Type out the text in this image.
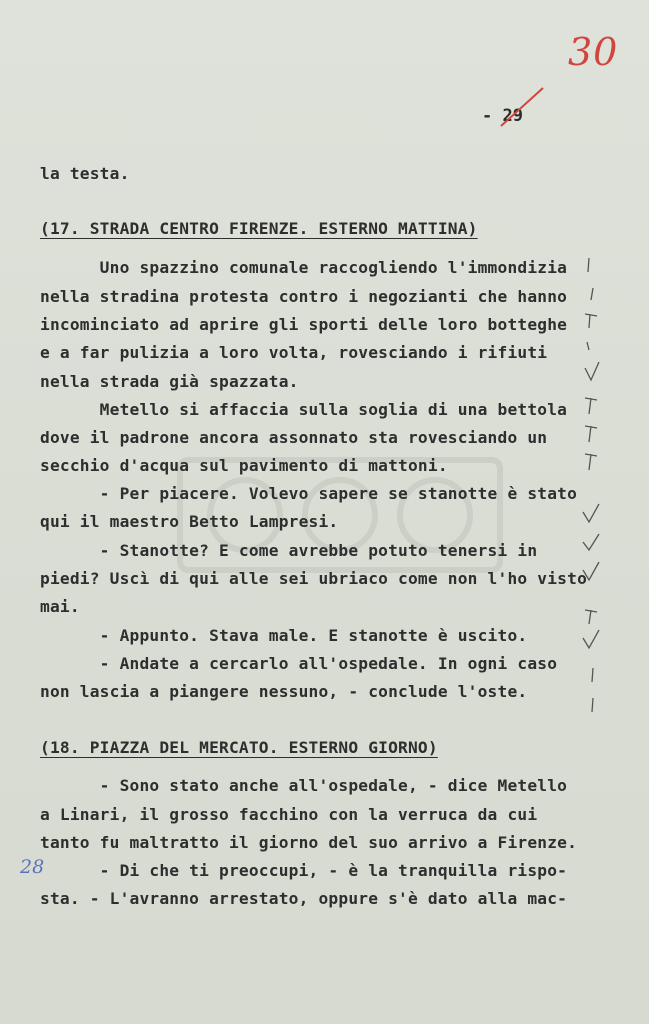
30
- 29
la testa.
(17. STRADA CENTRO FIRENZE. ESTERNO MATTINA)
Uno spazzino comunale raccogliendo l'immondizia
nella stradina protesta contro i negozianti che hanno
incominciato ad aprire gli sporti delle loro botteghe
e a far pulizia a loro volta, rovesciando i rifiuti
nella strada già spazzata.
Metello si affaccia sulla soglia di una bettola
dove il padrone ancora assonnato sta rovesciando un
secchio d'acqua sul pavimento di mattoni.
- Per piacere. Volevo sapere se stanotte è stato
qui il maestro Betto Lampresi.
- Stanotte? E come avrebbe potuto tenersi in
piedi? Uscì di qui alle sei ubriaco come non l'ho visto
mai.
- Appunto. Stava male. E stanotte è uscito.
- Andate a cercarlo all'ospedale. In ogni caso
non lascia a piangere nessuno, - conclude l'oste.
(18. PIAZZA DEL MERCATO. ESTERNO GIORNO)
- Sono stato anche all'ospedale, - dice Metello
a Linari, il grosso facchino con la verruca da cui
tanto fu maltratto il giorno del suo arrivo a Firenze.
- Di che ti preoccupi, - è la tranquilla rispo-
sta. - L'avranno arrestato, oppure s'è dato alla mac-
28
